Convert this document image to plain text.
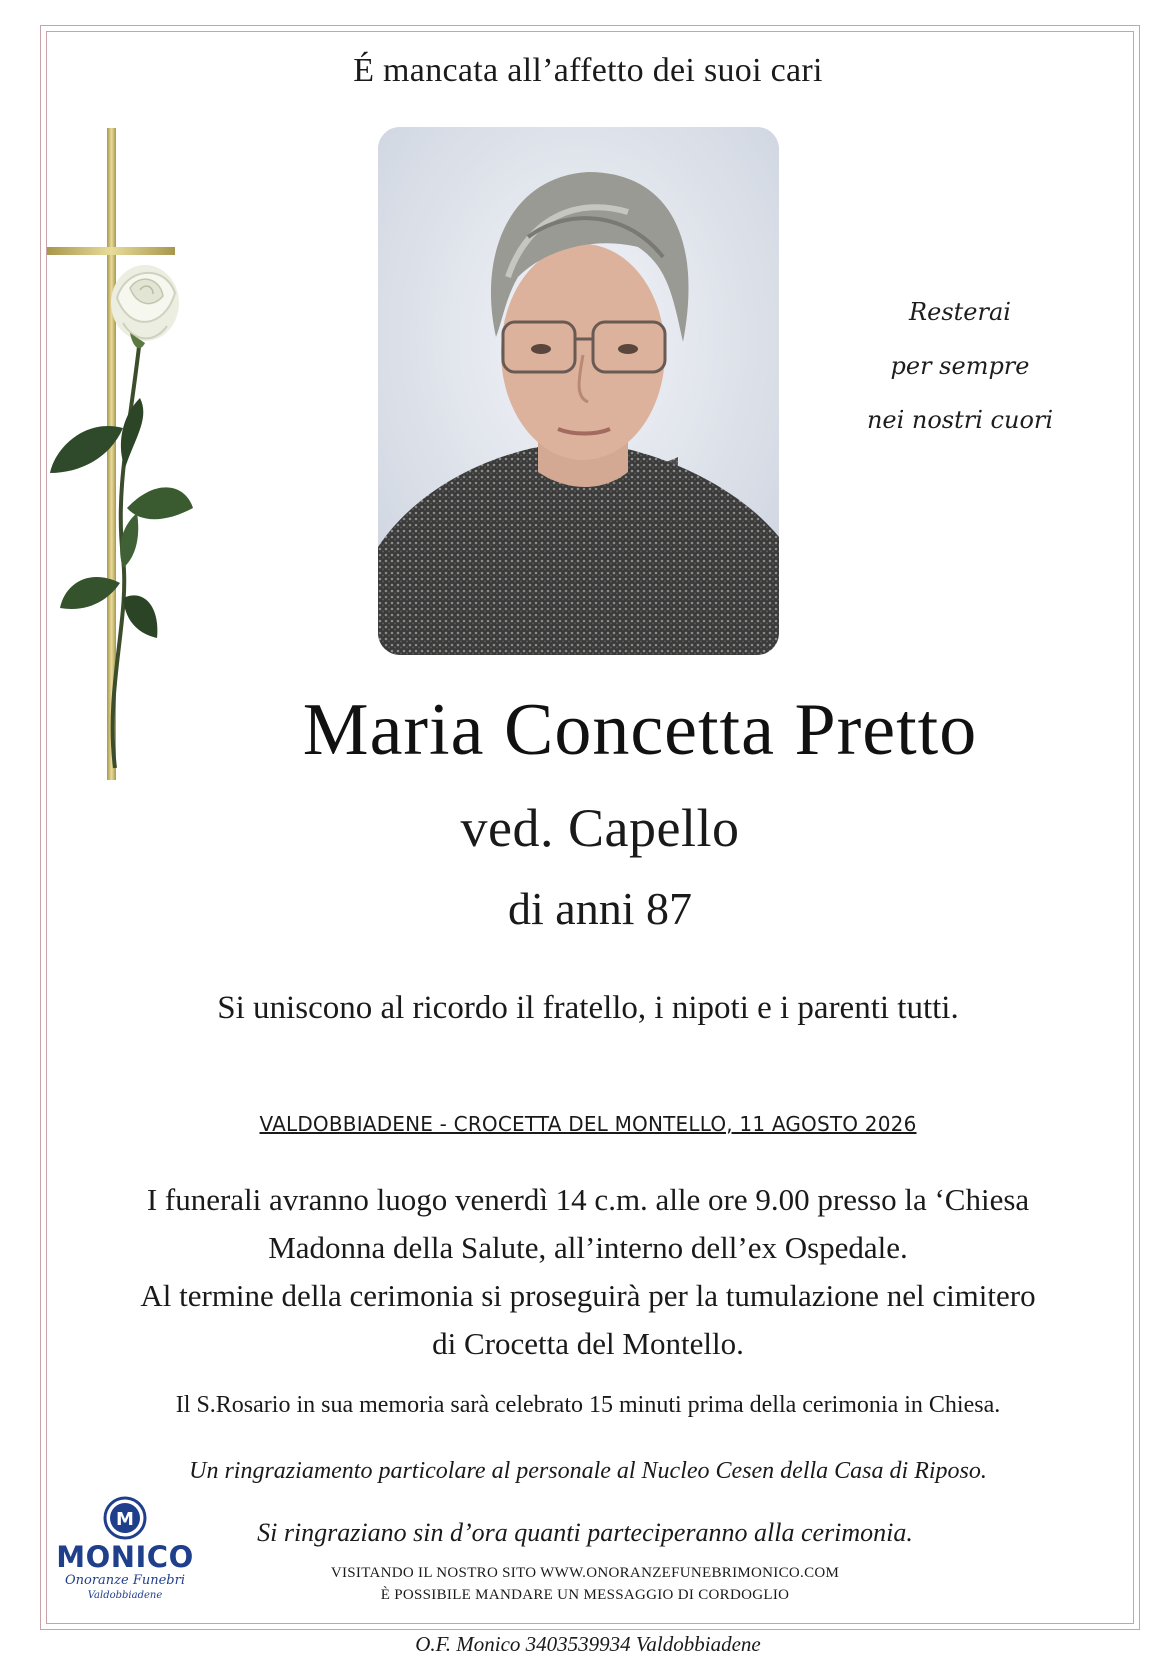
É mancata all’affetto dei suoi cari
Resterai
per sempre
nei nostri cuori
Maria Concetta Pretto
ved. Capello
di anni 87
Si uniscono al ricordo il fratello, i nipoti e i parenti tutti.
VALDOBBIADENE - CROCETTA DEL MONTELLO, 11 AGOSTO 2026
I funerali avranno luogo venerdì 14 c.m. alle ore 9.00 presso la ‘Chiesa
Madonna della Salute, all’interno dell’ex Ospedale.
Al termine della cerimonia si proseguirà per la tumulazione nel cimitero
di Crocetta del Montello.
Il S.Rosario in sua memoria sarà celebrato 15 minuti prima della cerimonia in Chiesa.
Un ringraziamento particolare al personale al Nucleo Cesen della Casa di Riposo.
M
MONICO
Onoranze Funebri
Valdobbiadene
Si ringraziano sin d’ora quanti parteciperanno alla cerimonia.
VISITANDO IL NOSTRO SITO WWW.ONORANZEFUNEBRIMONICO.COM
È POSSIBILE MANDARE UN MESSAGGIO DI CORDOGLIO
O.F. Monico 3403539934 Valdobbiadene
